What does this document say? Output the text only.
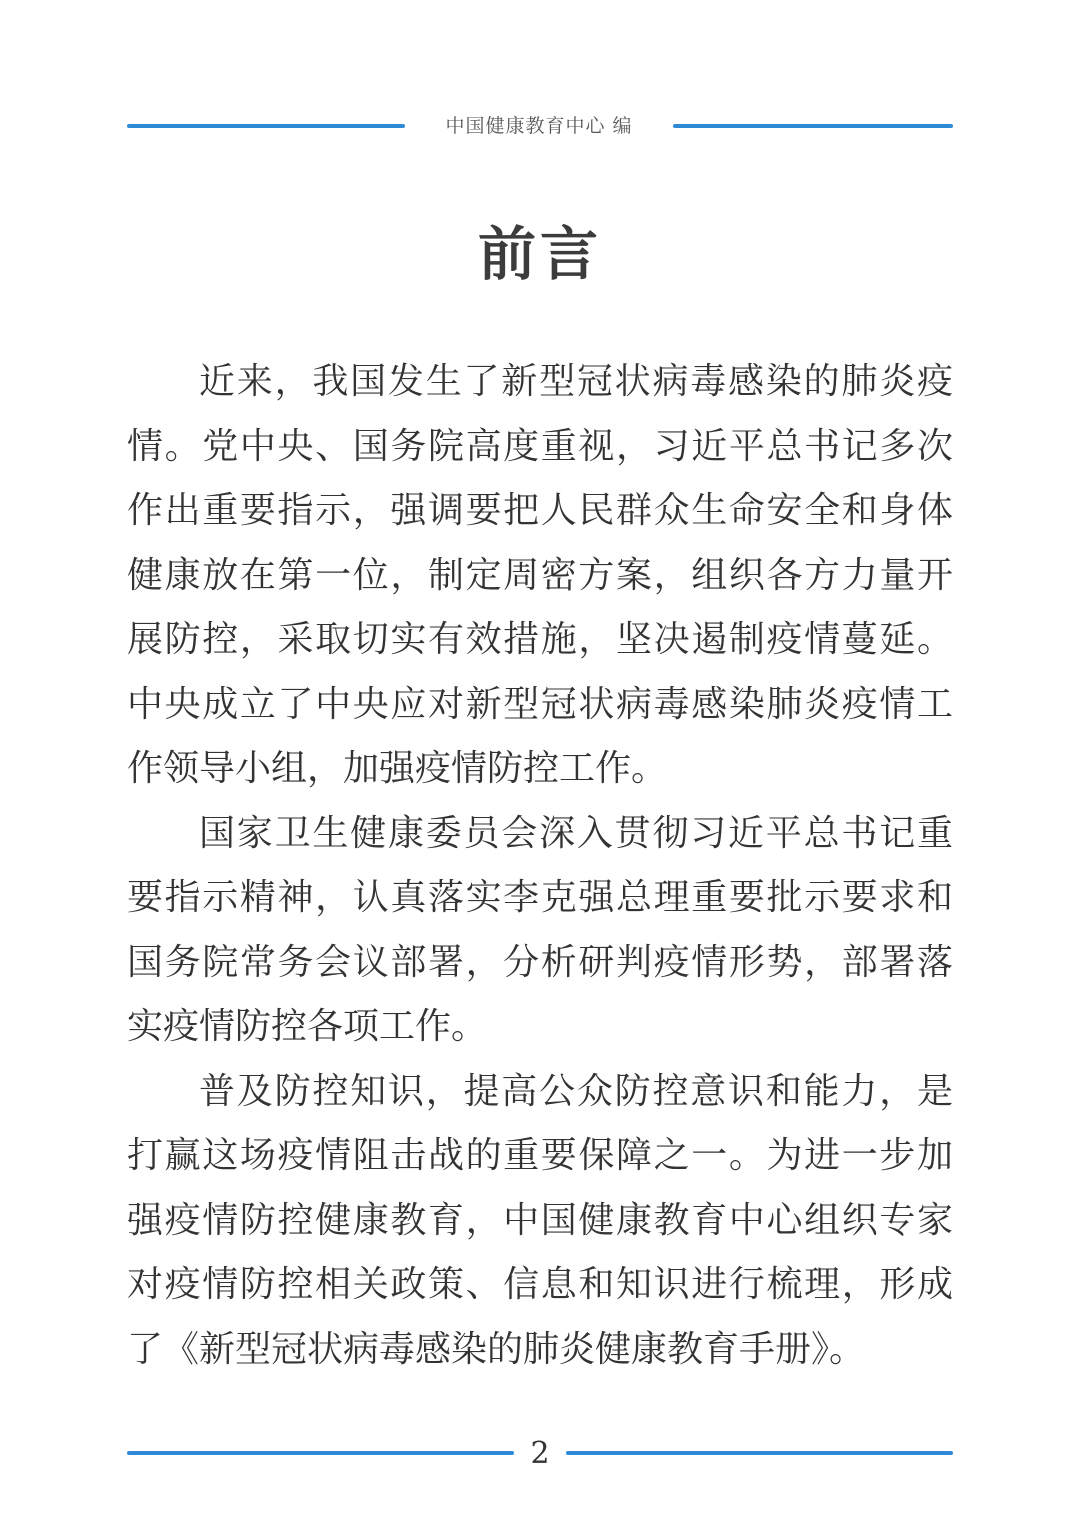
中国健康教育中心 编
前言

近来，我国发生了新型冠状病毒感染的肺炎疫情。党中央、国务院高度重视，习近平总书记多次作出重要指示，强调要把人民群众生命安全和身体健康放在第一位，制定周密方案，组织各方力量开展防控，采取切实有效措施，坚决遏制疫情蔓延。中央成立了中央应对新型冠状病毒感染肺炎疫情工作领导小组，加强疫情防控工作。

国家卫生健康委员会深入贯彻习近平总书记重要指示精神，认真落实李克强总理重要批示要求和国务院常务会议部署，分析研判疫情形势，部署落实疫情防控各项工作。

普及防控知识，提高公众防控意识和能力，是打赢这场疫情阻击战的重要保障之一。为进一步加强疫情防控健康教育，中国健康教育中心组织专家对疫情防控相关政策、信息和知识进行梳理，形成了《新型冠状病毒感染的肺炎健康教育手册》。

2
